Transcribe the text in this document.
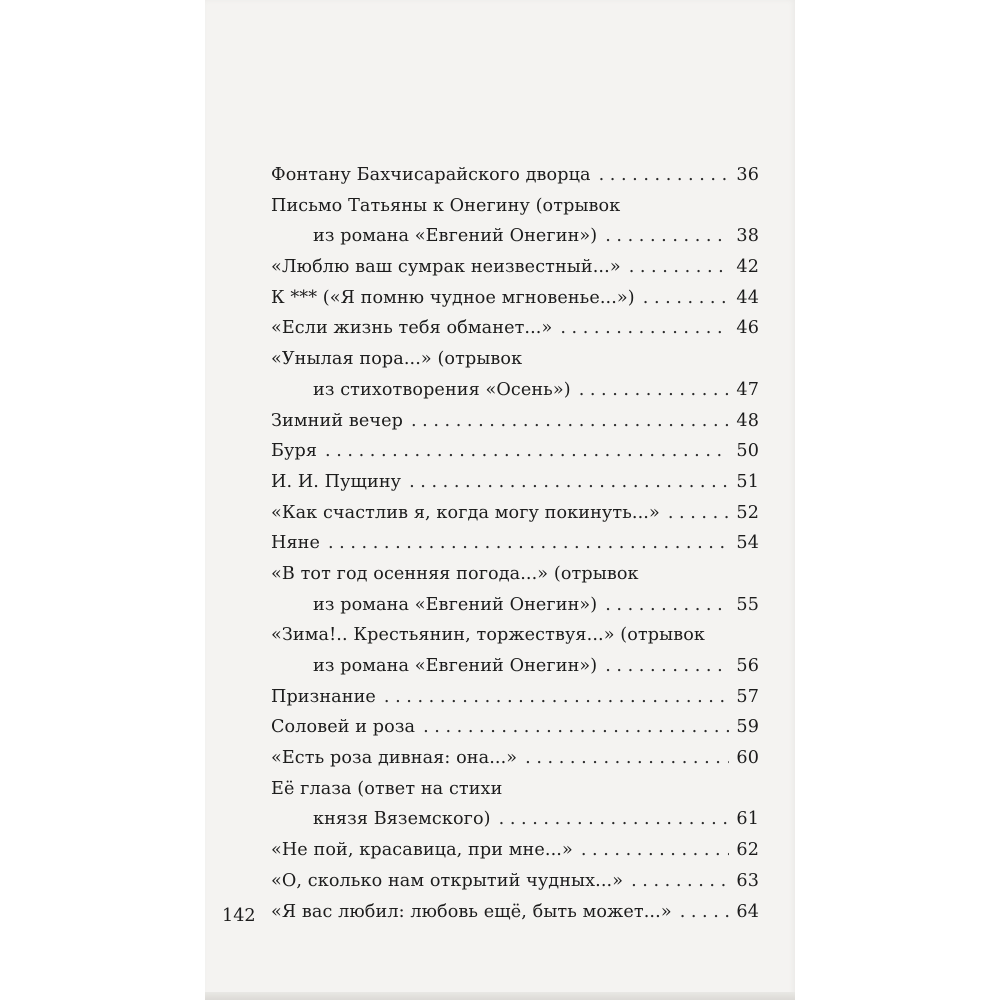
Фонтану Бахчисарайского дворца . . .	36
Письмо Татьяны к Онегину (отрывок
из романа «Евгений Онегин») . . .	38
«Люблю ваш сумрак неизвестный...» . . .	42
К *** («Я помню чудное мгновенье...») . . .	44
«Если жизнь тебя обманет...» . . .	46
«Унылая пора...» (отрывок
из стихотворения «Осень») . . .	47
Зимний вечер . . .	48
Буря . . .	50
И. И. Пущину . . .	51
«Как счастлив я, когда могу покинуть...» . . .	52
Няне . . .	54
«В тот год осенняя погода...» (отрывок
из романа «Евгений Онегин») . . .	55
«Зима!.. Крестьянин, торжествуя...» (отрывок
из романа «Евгений Онегин») . . .	56
Признание . . .	57
Соловей и роза . . .	59
«Есть роза дивная: она...» . . .	60
Её глаза (ответ на стихи
князя Вяземского) . . .	61
«Не пой, красавица, при мне...» . . .	62
«О, сколько нам открытий чудных...» . . .	63
«Я вас любил: любовь ещё, быть может...» . . .	64
142
